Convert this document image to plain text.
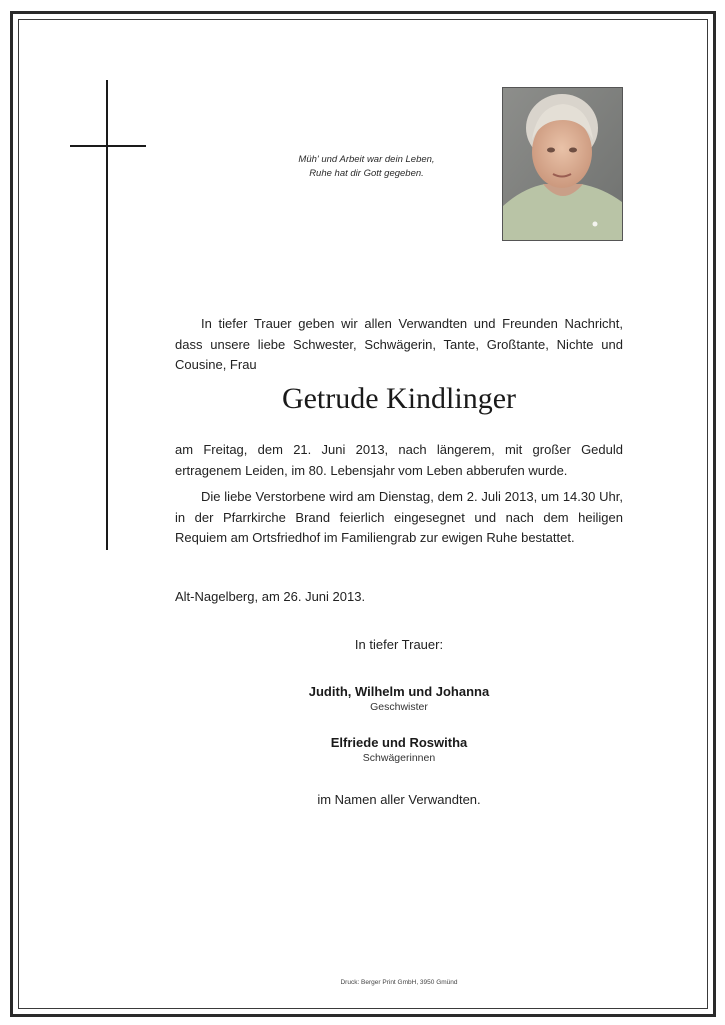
Müh' und Arbeit war dein Leben,
Ruhe hat dir Gott gegeben.
In tiefer Trauer geben wir allen Verwandten und Freunden Nachricht, dass unsere liebe Schwester, Schwägerin, Tante, Großtante, Nichte und Cousine, Frau
Getrude Kindlinger
am Freitag, dem 21. Juni 2013, nach längerem, mit großer Geduld ertragenem Leiden, im 80. Lebensjahr vom Leben abberufen wurde.
Die liebe Verstorbene wird am Dienstag, dem 2. Juli 2013, um 14.30 Uhr, in der Pfarrkirche Brand feierlich eingesegnet und nach dem heiligen Requiem am Ortsfriedhof im Familiengrab zur ewigen Ruhe bestattet.
Alt-Nagelberg, am 26. Juni 2013.
In tiefer Trauer:
Judith, Wilhelm und Johanna
Geschwister
Elfriede und Roswitha
Schwägerinnen
im Namen aller Verwandten.
Druck: Berger Print GmbH, 3950 Gmünd
